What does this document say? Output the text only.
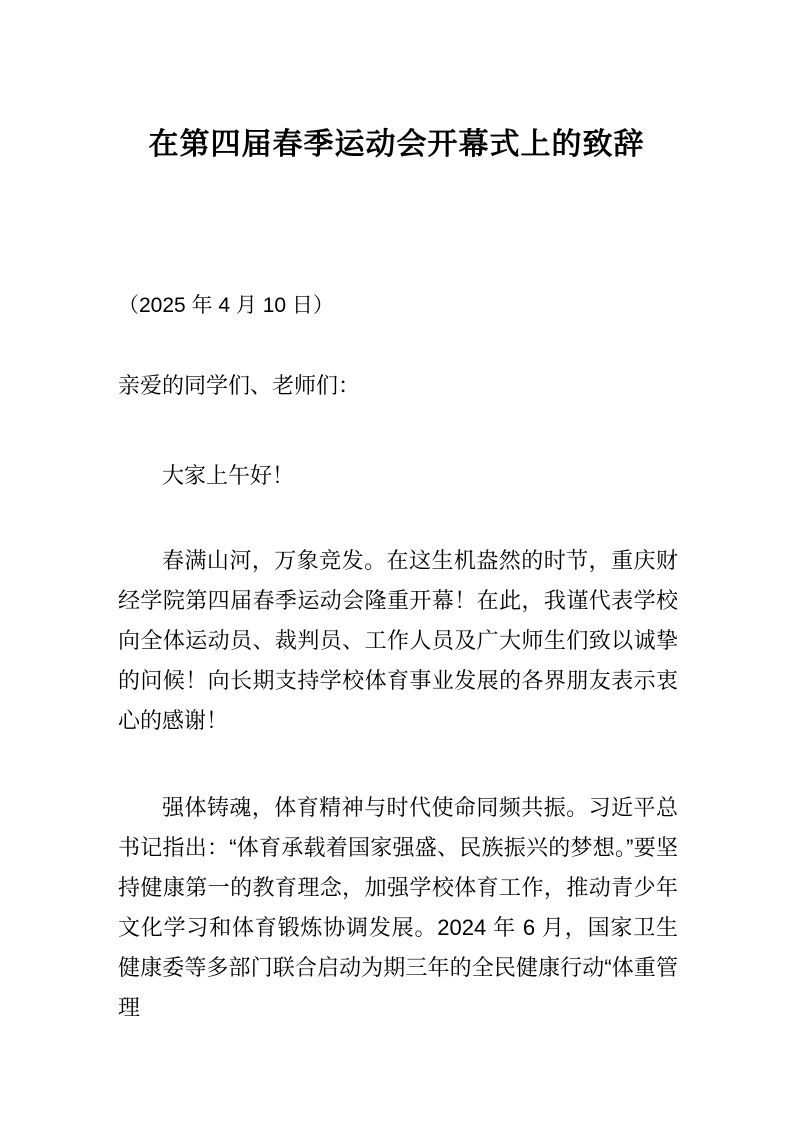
在第四届春季运动会开幕式上的致辞
（2025 年 4 月 10 日）
亲爱的同学们、老师们：
大家上午好！
春满山河，万象竞发。在这生机盎然的时节，重庆财经学院第四届春季运动会隆重开幕！在此，我谨代表学校向全体运动员、裁判员、工作人员及广大师生们致以诚挚的问候！向长期支持学校体育事业发展的各界朋友表示衷心的感谢！
强体铸魂，体育精神与时代使命同频共振。习近平总书记指出：“体育承载着国家强盛、民族振兴的梦想。”要坚持健康第一的教育理念，加强学校体育工作，推动青少年文化学习和体育锻炼协调发展。2024 年 6 月，国家卫生健康委等多部门联合启动为期三年的全民健康行动“体重管理
